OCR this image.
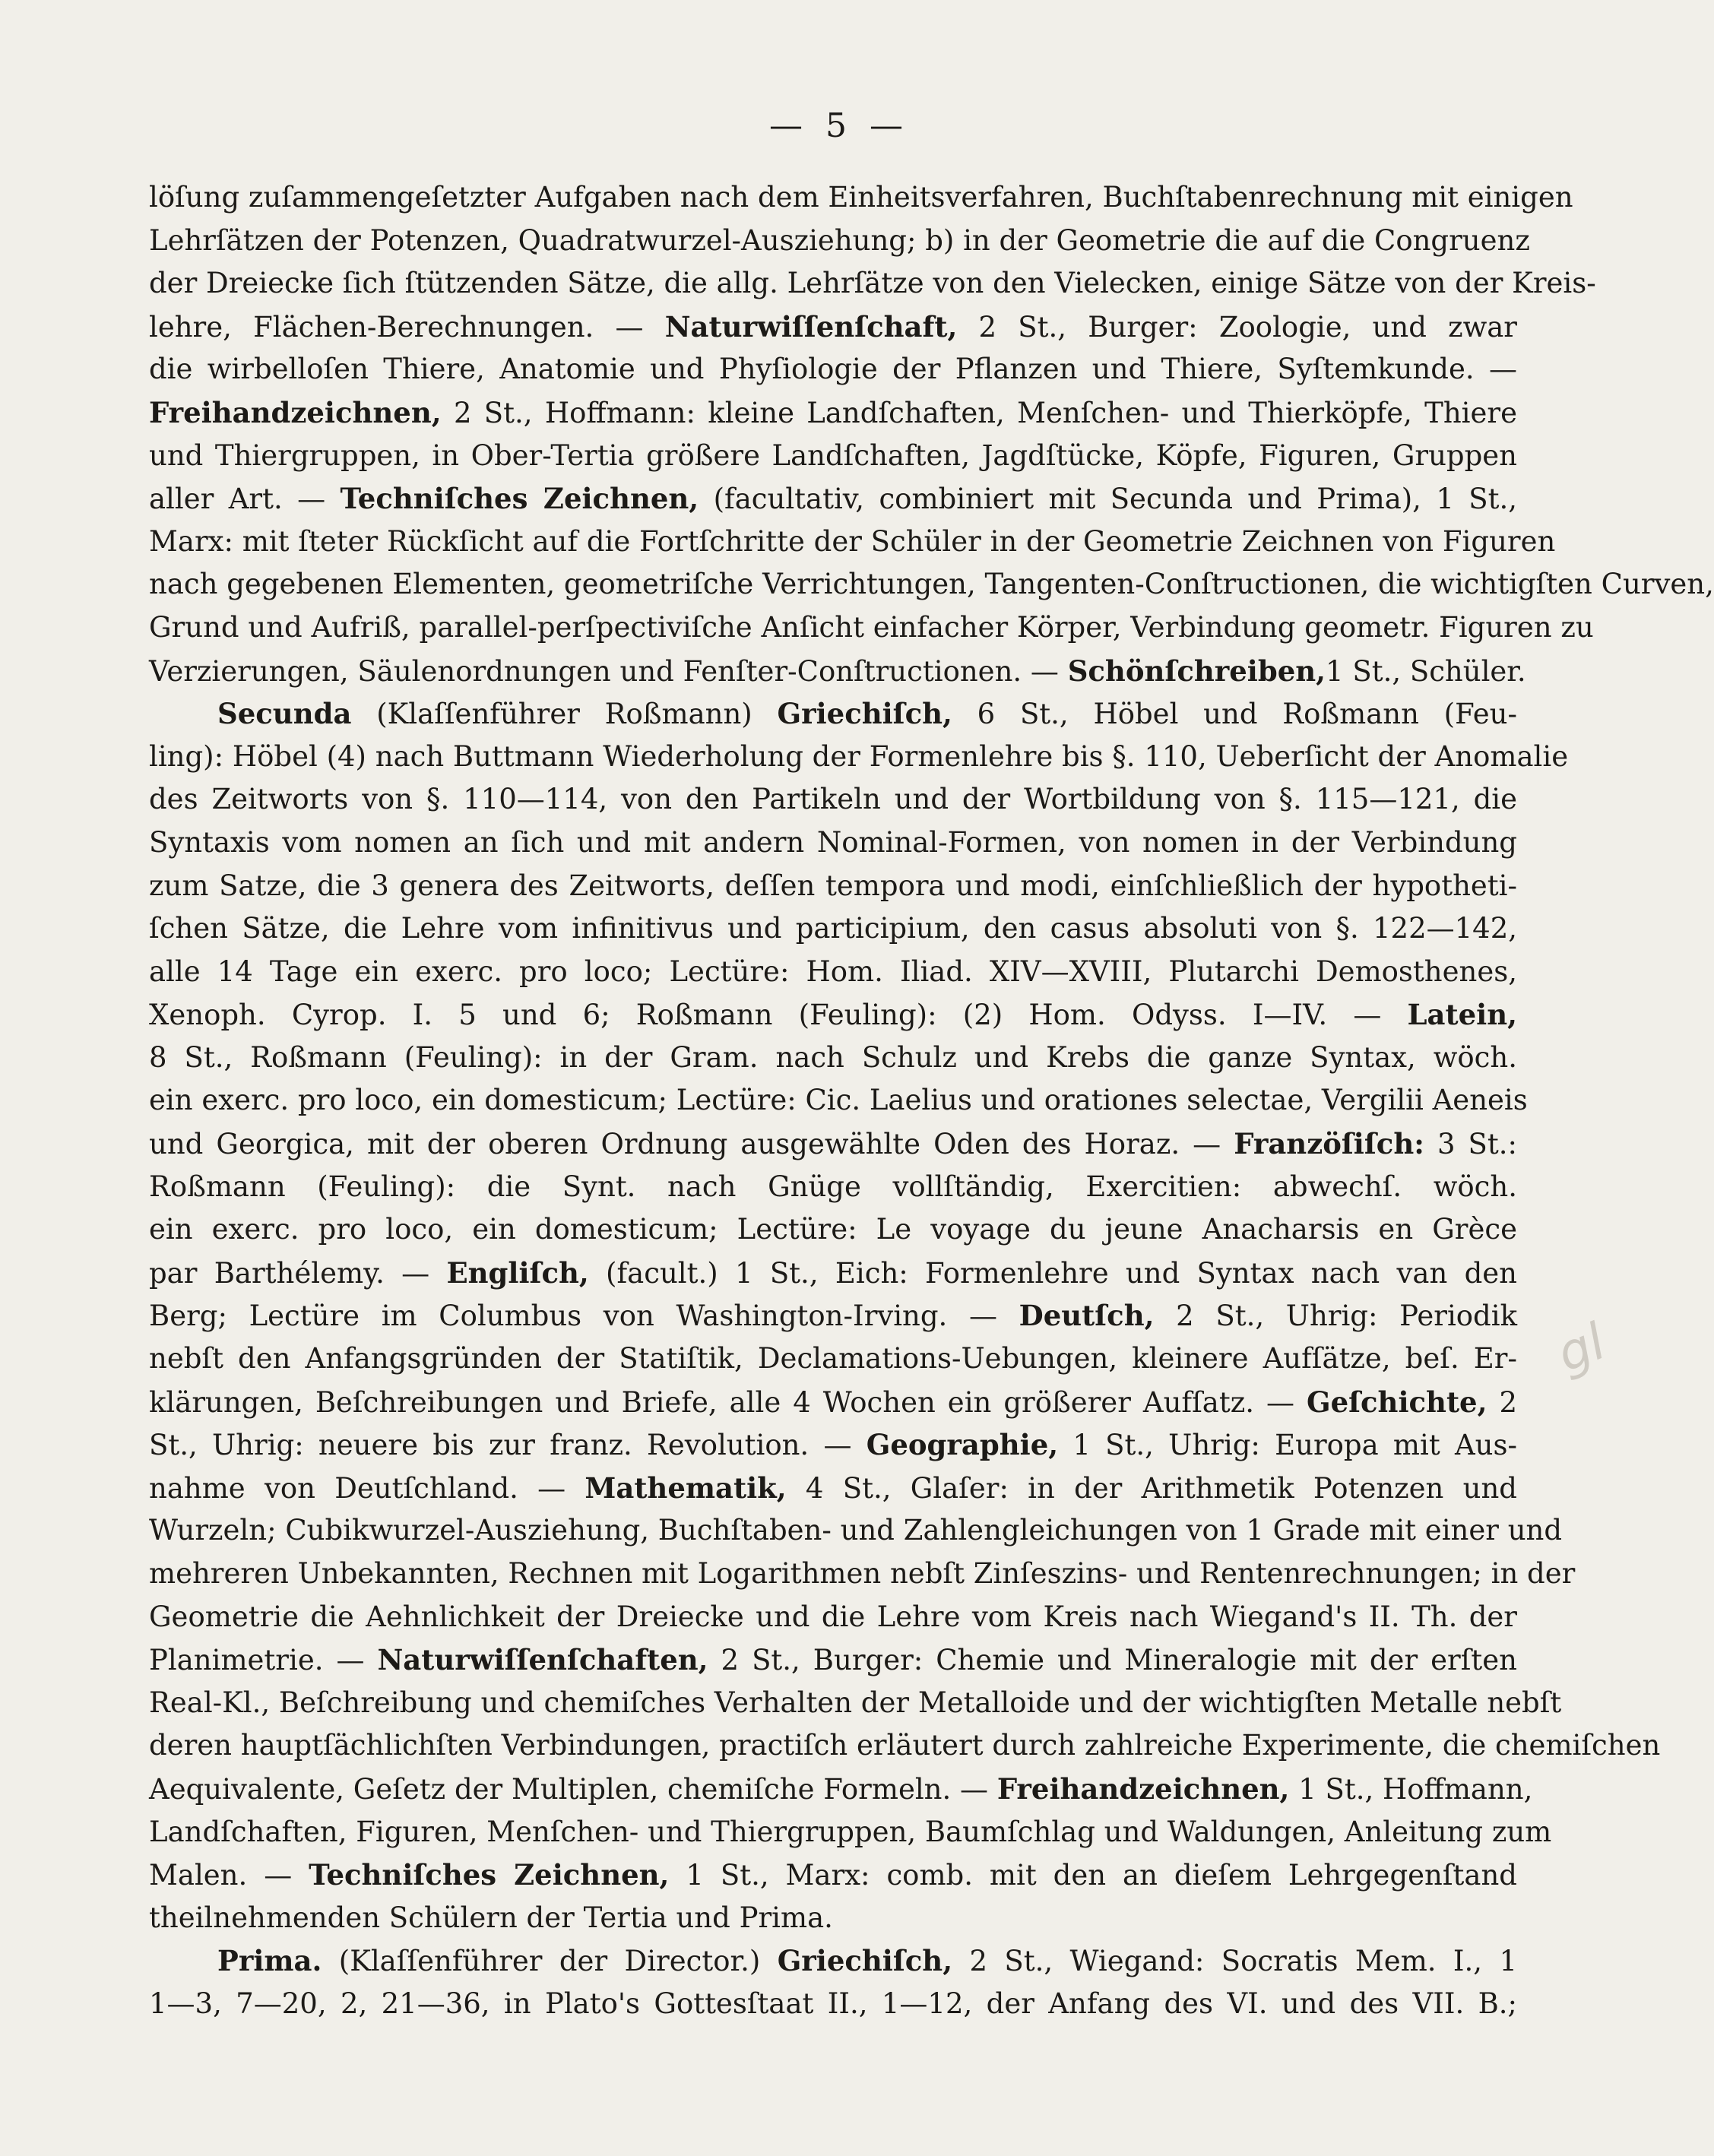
— 5 —
löſung zuſammengeſetzter Aufgaben nach dem Einheitsverfahren, Buchſtabenrechnung mit einigen
Lehrſätzen der Potenzen, Quadratwurzel-Ausziehung; b) in der Geometrie die auf die Congruenz
der Dreiecke ſich ſtützenden Sätze, die allg. Lehrſätze von den Vielecken, einige Sätze von der Kreis-
lehre, Flächen-Berechnungen. — Naturwiſſenſchaft, 2 St., Burger: Zoologie, und zwar
die wirbelloſen Thiere, Anatomie und Phyſiologie der Pflanzen und Thiere, Syſtemkunde. —
Freihandzeichnen, 2 St., Hoffmann: kleine Landſchaften, Menſchen- und Thierköpfe, Thiere
und Thiergruppen, in Ober-Tertia größere Landſchaften, Jagdſtücke, Köpfe, Figuren, Gruppen
aller Art. — Techniſches Zeichnen, (facultativ, combiniert mit Secunda und Prima), 1 St.,
Marx: mit ſteter Rückſicht auf die Fortſchritte der Schüler in der Geometrie Zeichnen von Figuren
nach gegebenen Elementen, geometriſche Verrichtungen, Tangenten-Conſtructionen, die wichtigſten Curven,
Grund und Aufriß, parallel-perſpectiviſche Anſicht einfacher Körper, Verbindung geometr. Figuren zu
Verzierungen, Säulenordnungen und Fenſter-Conſtructionen. — Schönſchreiben,1 St., Schüler.
Secunda (Klaſſenführer Roßmann) Griechiſch, 6 St., Höbel und Roßmann (Feu-
ling): Höbel (4) nach Buttmann Wiederholung der Formenlehre bis §. 110, Ueberſicht der Anomalie
des Zeitworts von §. 110—114, von den Partikeln und der Wortbildung von §. 115—121, die
Syntaxis vom nomen an ſich und mit andern Nominal-Formen, von nomen in der Verbindung
zum Satze, die 3 genera des Zeitworts, deſſen tempora und modi, einſchließlich der hypotheti-
ſchen Sätze, die Lehre vom infinitivus und participium, den casus absoluti von §. 122—142,
alle 14 Tage ein exerc. pro loco; Lectüre: Hom. Iliad. XIV—XVIII, Plutarchi Demosthenes,
Xenoph. Cyrop. I. 5 und 6; Roßmann (Feuling): (2) Hom. Odyss. I—IV. — Latein,
8 St., Roßmann (Feuling): in der Gram. nach Schulz und Krebs die ganze Syntax, wöch.
ein exerc. pro loco, ein domesticum; Lectüre: Cic. Laelius und orationes selectae, Vergilii Aeneis
und Georgica, mit der oberen Ordnung ausgewählte Oden des Horaz. — Franzöſiſch: 3 St.:
Roßmann (Feuling): die Synt. nach Gnüge vollſtändig, Exercitien: abwechſ. wöch.
ein exerc. pro loco, ein domesticum; Lectüre: Le voyage du jeune Anacharsis en Grèce
par Barthélemy. — Engliſch, (facult.) 1 St., Eich: Formenlehre und Syntax nach van den
Berg; Lectüre im Columbus von Washington-Irving. — Deutſch, 2 St., Uhrig: Periodik
nebſt den Anfangsgründen der Statiſtik, Declamations-Uebungen, kleinere Aufſätze, beſ. Er-
klärungen, Beſchreibungen und Briefe, alle 4 Wochen ein größerer Aufſatz. — Geſchichte, 2
St., Uhrig: neuere bis zur franz. Revolution. — Geographie, 1 St., Uhrig: Europa mit Aus-
nahme von Deutſchland. — Mathematik, 4 St., Glaſer: in der Arithmetik Potenzen und
Wurzeln; Cubikwurzel-Ausziehung, Buchſtaben- und Zahlengleichungen von 1 Grade mit einer und
mehreren Unbekannten, Rechnen mit Logarithmen nebſt Zinſeszins- und Rentenrechnungen; in der
Geometrie die Aehnlichkeit der Dreiecke und die Lehre vom Kreis nach Wiegand's II. Th. der
Planimetrie. — Naturwiſſenſchaften, 2 St., Burger: Chemie und Mineralogie mit der erſten
Real-Kl., Beſchreibung und chemiſches Verhalten der Metalloide und der wichtigſten Metalle nebſt
deren hauptſächlichſten Verbindungen, practiſch erläutert durch zahlreiche Experimente, die chemiſchen
Aequivalente, Geſetz der Multiplen, chemiſche Formeln. — Freihandzeichnen, 1 St., Hoffmann,
Landſchaften, Figuren, Menſchen- und Thiergruppen, Baumſchlag und Waldungen, Anleitung zum
Malen. — Techniſches Zeichnen, 1 St., Marx: comb. mit den an dieſem Lehrgegenſtand
theilnehmenden Schülern der Tertia und Prima.
Prima. (Klaſſenführer der Director.) Griechiſch, 2 St., Wiegand: Socratis Mem. I., 1
1—3, 7—20, 2, 21—36, in Plato's Gottesſtaat II., 1—12, der Anfang des VI. und des VII. B.;
gl
